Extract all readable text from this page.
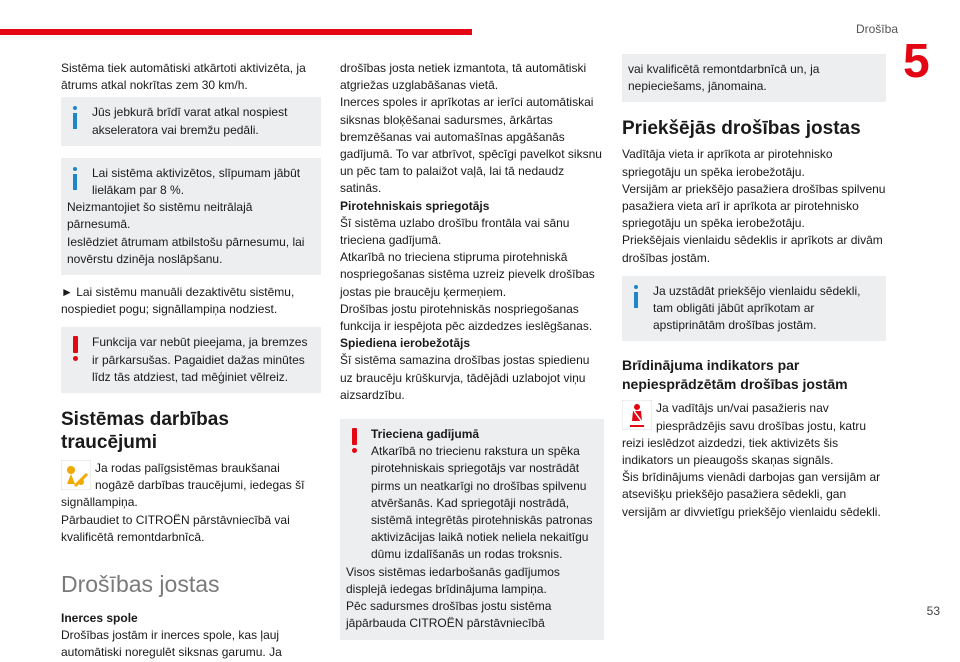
Drošība
5
53

Sistēma tiek automātiski atkārtoti aktivizēta, ja ātrums atkal nokrītas zem 30 km/h.

Jūs jebkurā brīdī varat atkal nospiest akseleratora vai bremžu pedāli.

Lai sistēma aktivizētos, slīpumam jābūt lielākam par 8 %.

Neizmantojiet šo sistēmu neitrālajā pārnesumā.

Ieslēdziet ātrumam atbilstošu pārnesumu, lai novērstu dzinēja noslāpšanu.

► Lai sistēmu manuāli dezaktivētu sistēmu, nospiediet pogu; signāllampiņa nodziest.

Funkcija var nebūt pieejama, ja bremzes ir pārkarsušas. Pagaidiet dažas minūtes līdz tās atdziest, tad mēģiniet vēlreiz.

Sistēmas darbības traucējumi

Ja rodas palīgsistēmas braukšanai nogāzē darbības traucējumi, iedegas šī signāllampiņa.

Pārbaudiet to CITROËN pārstāvniecībā vai kvalificētā remontdarbnīcā.

Drošības jostas

Inerces spole

Drošības jostām ir inerces spole, kas ļauj automātiski noregulēt siksnas garumu. Ja

drošības josta netiek izmantota, tā automātiski atgriežas uzglabāšanas vietā.

Inerces spoles ir aprīkotas ar ierīci automātiskai siksnas bloķēšanai sadursmes, ārkārtas bremzēšanas vai automašīnas apgāšanās gadījumā. To var atbrīvot, spēcīgi pavelkot siksnu un pēc tam to palaižot vaļā, lai tā nedaudz satinās.

Pirotehniskais spriegotājs

Šī sistēma uzlabo drošību frontāla vai sānu trieciena gadījumā.

Atkarībā no trieciena stipruma pirotehniskā nospriegošanas sistēma uzreiz pievelk drošības jostas pie braucēju ķermeņiem.

Drošības jostu pirotehniskās nospriegošanas funkcija ir iespējota pēc aizdedzes ieslēgšanas.

Spiediena ierobežotājs

Šī sistēma samazina drošības jostas spiedienu uz braucēju krūškurvja, tādējādi uzlabojot viņu aizsardzību.

Trieciena gadījumā

Atkarībā no triecienu rakstura un spēka pirotehniskais spriegotājs var nostrādāt pirms un neatkarīgi no drošības spilvenu atvēršanās. Kad spriegotāji nostrādā, sistēmā integrētās pirotehniskās patronas aktivizācijas laikā notiek neliela nekaitīgu dūmu izdalīšanās un rodas troksnis.

Visos sistēmas iedarbošanās gadījumos displejā iedegas brīdinājuma lampiņa.

Pēc sadursmes drošības jostu sistēma jāpārbauda CITROËN pārstāvniecībā

vai kvalificētā remontdarbnīcā un, ja nepieciešams, jānomaina.

Priekšējās drošības jostas

Vadītāja vieta ir aprīkota ar pirotehnisko spriegotāju un spēka ierobežotāju.

Versijām ar priekšējo pasažiera drošības spilvenu pasažiera vieta arī ir aprīkota ar pirotehnisko spriegotāju un spēka ierobežotāju.

Priekšējais vienlaidu sēdeklis ir aprīkots ar divām drošības jostām.

Ja uzstādāt priekšējo vienlaidu sēdekli, tam obligāti jābūt aprīkotam ar apstiprinātām drošības jostām.

Brīdinājuma indikators par nepiesprādzētām drošības jostām

Ja vadītājs un/vai pasažieris nav piesprādzējis savu drošības jostu, katru reizi ieslēdzot aizdedzi, tiek aktivizēts šis indikators un pieaugošs skaņas signāls.

Šis brīdinājums vienādi darbojas gan versijām ar atsevišķu priekšējo pasažiera sēdekli, gan versijām ar divvietīgu priekšējo vienlaidu sēdekli.
